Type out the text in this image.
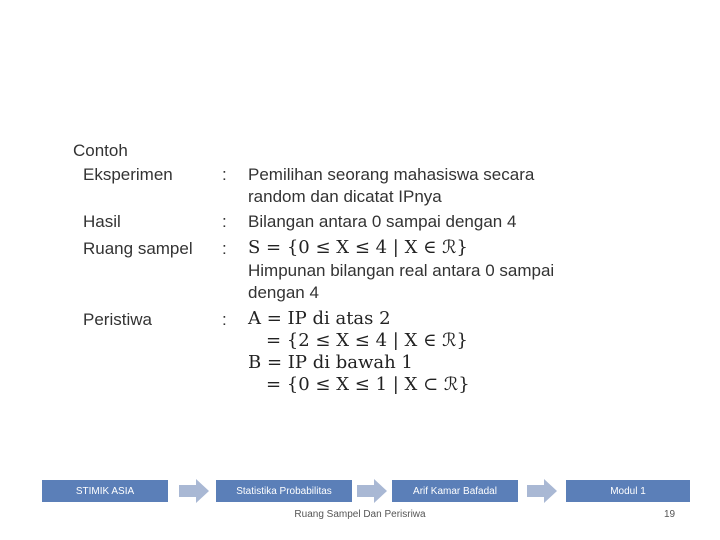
Contoh
Eksperimen	: Pemilihan seorang mahasiswa secara
random dan dicatat IPnya
Hasil	: Bilangan antara 0 sampai dengan 4
Ruang sampel : S = {0 ≤ X ≤ 4 | X ∈ ℛ}
Himpunan bilangan real antara 0 sampai
dengan 4
Peristiwa	: A = IP di atas 2
= {2 ≤ X ≤ 4 | X ∈ ℛ}
B = IP di bawah 1
= {0 ≤ X ≤ 1 | X ⊂ ℛ}
STIMIK ASIA	Statistika Probabilitas	Arif Kamar Bafadal	Modul 1
Ruang Sampel Dan Perisriwa	19
